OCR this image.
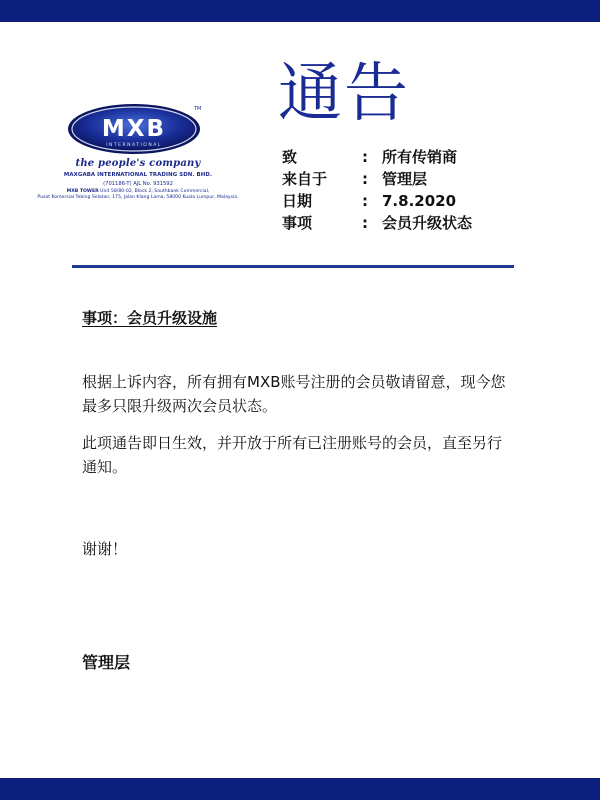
MXB
INTERNATIONAL
TM
the people's company
MAXGABA INTERNATIONAL TRADING SDN. BHD.
(701186-T) AJL No. 931592
MXB TOWER Unit 58/80-02, Block 2, Southbank Commercial,
Pusat Komersial Tebing Selatan, 175, Jalan Klang Lama, 58000 Kuala Lumpur, Malaysia.
通告
致	: 所有传销商
来自于 : 管理层
日期	: 7.8.2020
事项	: 会员升级状态
事项：会员升级设施
根据上诉内容，所有拥有MXB账号注册的会员敬请留意，现今您最多只限升级两次会员状态。
此项通告即日生效，并开放于所有已注册账号的会员，直至另行通知。
谢谢！
管理层
